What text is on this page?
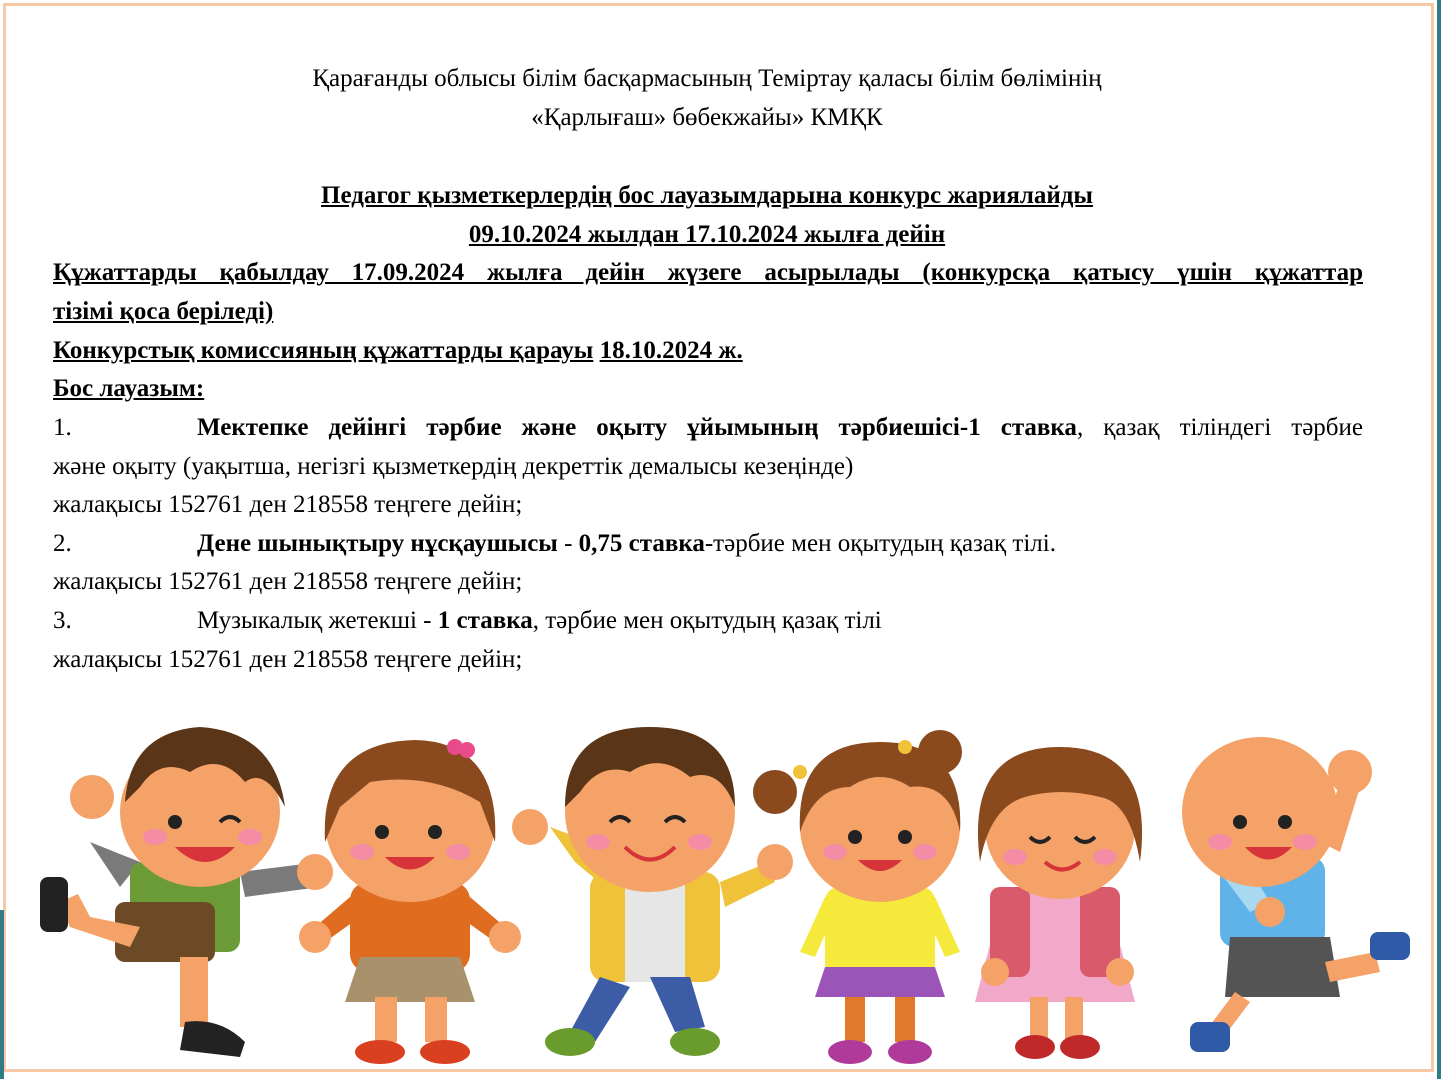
Қарағанды облысы білім басқармасының Теміртау қаласы білім бөлімінің
«Қарлығаш» бөбекжайы» КМҚК
Педагог қызметкерлердің бос лауазымдарына конкурс жариялайды
09.10.2024 жылдан 17.10.2024 жылға дейін
Құжаттарды қабылдау 17.09.2024 жылға дейін жүзеге асырылады (конкурсқа қатысу үшін құжаттар
тізімі қоса беріледі)
Конкурстық комиссияның құжаттарды қарауы 18.10.2024 ж.
Бос лауазым:
1.	Мектепке дейінгі тәрбие және оқыту ұйымының тәрбиешісі-1 ставка, қазақ тіліндегі тәрбие
және оқыту (уақытша, негізгі қызметкердің декреттік демалысы кезеңінде)
жалақысы 152761 ден 218558 теңгеге дейін;
2.	Дене шынықтыру нұсқаушысы - 0,75 ставка-тәрбие мен оқытудың қазақ тілі.
жалақысы 152761 ден 218558 теңгеге дейін;
3.	Музыкалық жетекші - 1 ставка, тәрбие мен оқытудың қазақ тілі
жалақысы 152761 ден 218558 теңгеге дейін;
